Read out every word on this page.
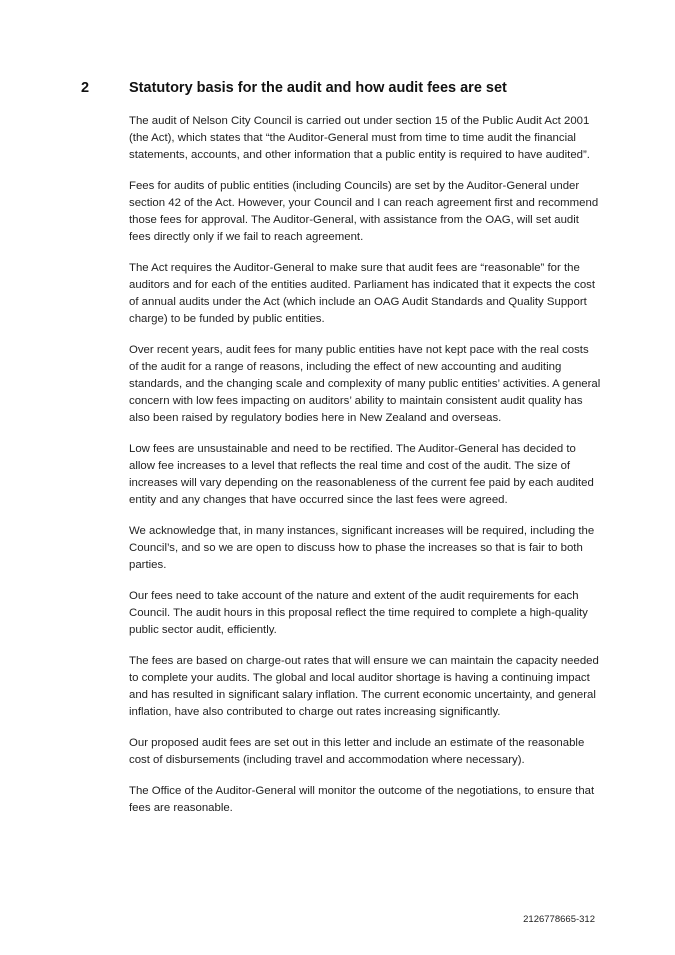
2	Statutory basis for the audit and how audit fees are set

The audit of Nelson City Council is carried out under section 15 of the Public Audit Act 2001 (the Act), which states that “the Auditor-General must from time to time audit the financial statements, accounts, and other information that a public entity is required to have audited”.

Fees for audits of public entities (including Councils) are set by the Auditor-General under section 42 of the Act. However, your Council and I can reach agreement first and recommend those fees for approval. The Auditor-General, with assistance from the OAG, will set audit fees directly only if we fail to reach agreement.

The Act requires the Auditor-General to make sure that audit fees are “reasonable” for the auditors and for each of the entities audited. Parliament has indicated that it expects the cost of annual audits under the Act (which include an OAG Audit Standards and Quality Support charge) to be funded by public entities.

Over recent years, audit fees for many public entities have not kept pace with the real costs of the audit for a range of reasons, including the effect of new accounting and auditing standards, and the changing scale and complexity of many public entities’ activities. A general concern with low fees impacting on auditors’ ability to maintain consistent audit quality has also been raised by regulatory bodies here in New Zealand and overseas.

Low fees are unsustainable and need to be rectified. The Auditor-General has decided to allow fee increases to a level that reflects the real time and cost of the audit. The size of increases will vary depending on the reasonableness of the current fee paid by each audited entity and any changes that have occurred since the last fees were agreed.

We acknowledge that, in many instances, significant increases will be required, including the Council’s, and so we are open to discuss how to phase the increases so that is fair to both parties.

Our fees need to take account of the nature and extent of the audit requirements for each Council. The audit hours in this proposal reflect the time required to complete a high-quality public sector audit, efficiently.

The fees are based on charge-out rates that will ensure we can maintain the capacity needed to complete your audits. The global and local auditor shortage is having a continuing impact and has resulted in significant salary inflation. The current economic uncertainty, and general inflation, have also contributed to charge out rates increasing significantly.

Our proposed audit fees are set out in this letter and include an estimate of the reasonable cost of disbursements (including travel and accommodation where necessary).

The Office of the Auditor-General will monitor the outcome of the negotiations, to ensure that fees are reasonable.

2126778665-312
